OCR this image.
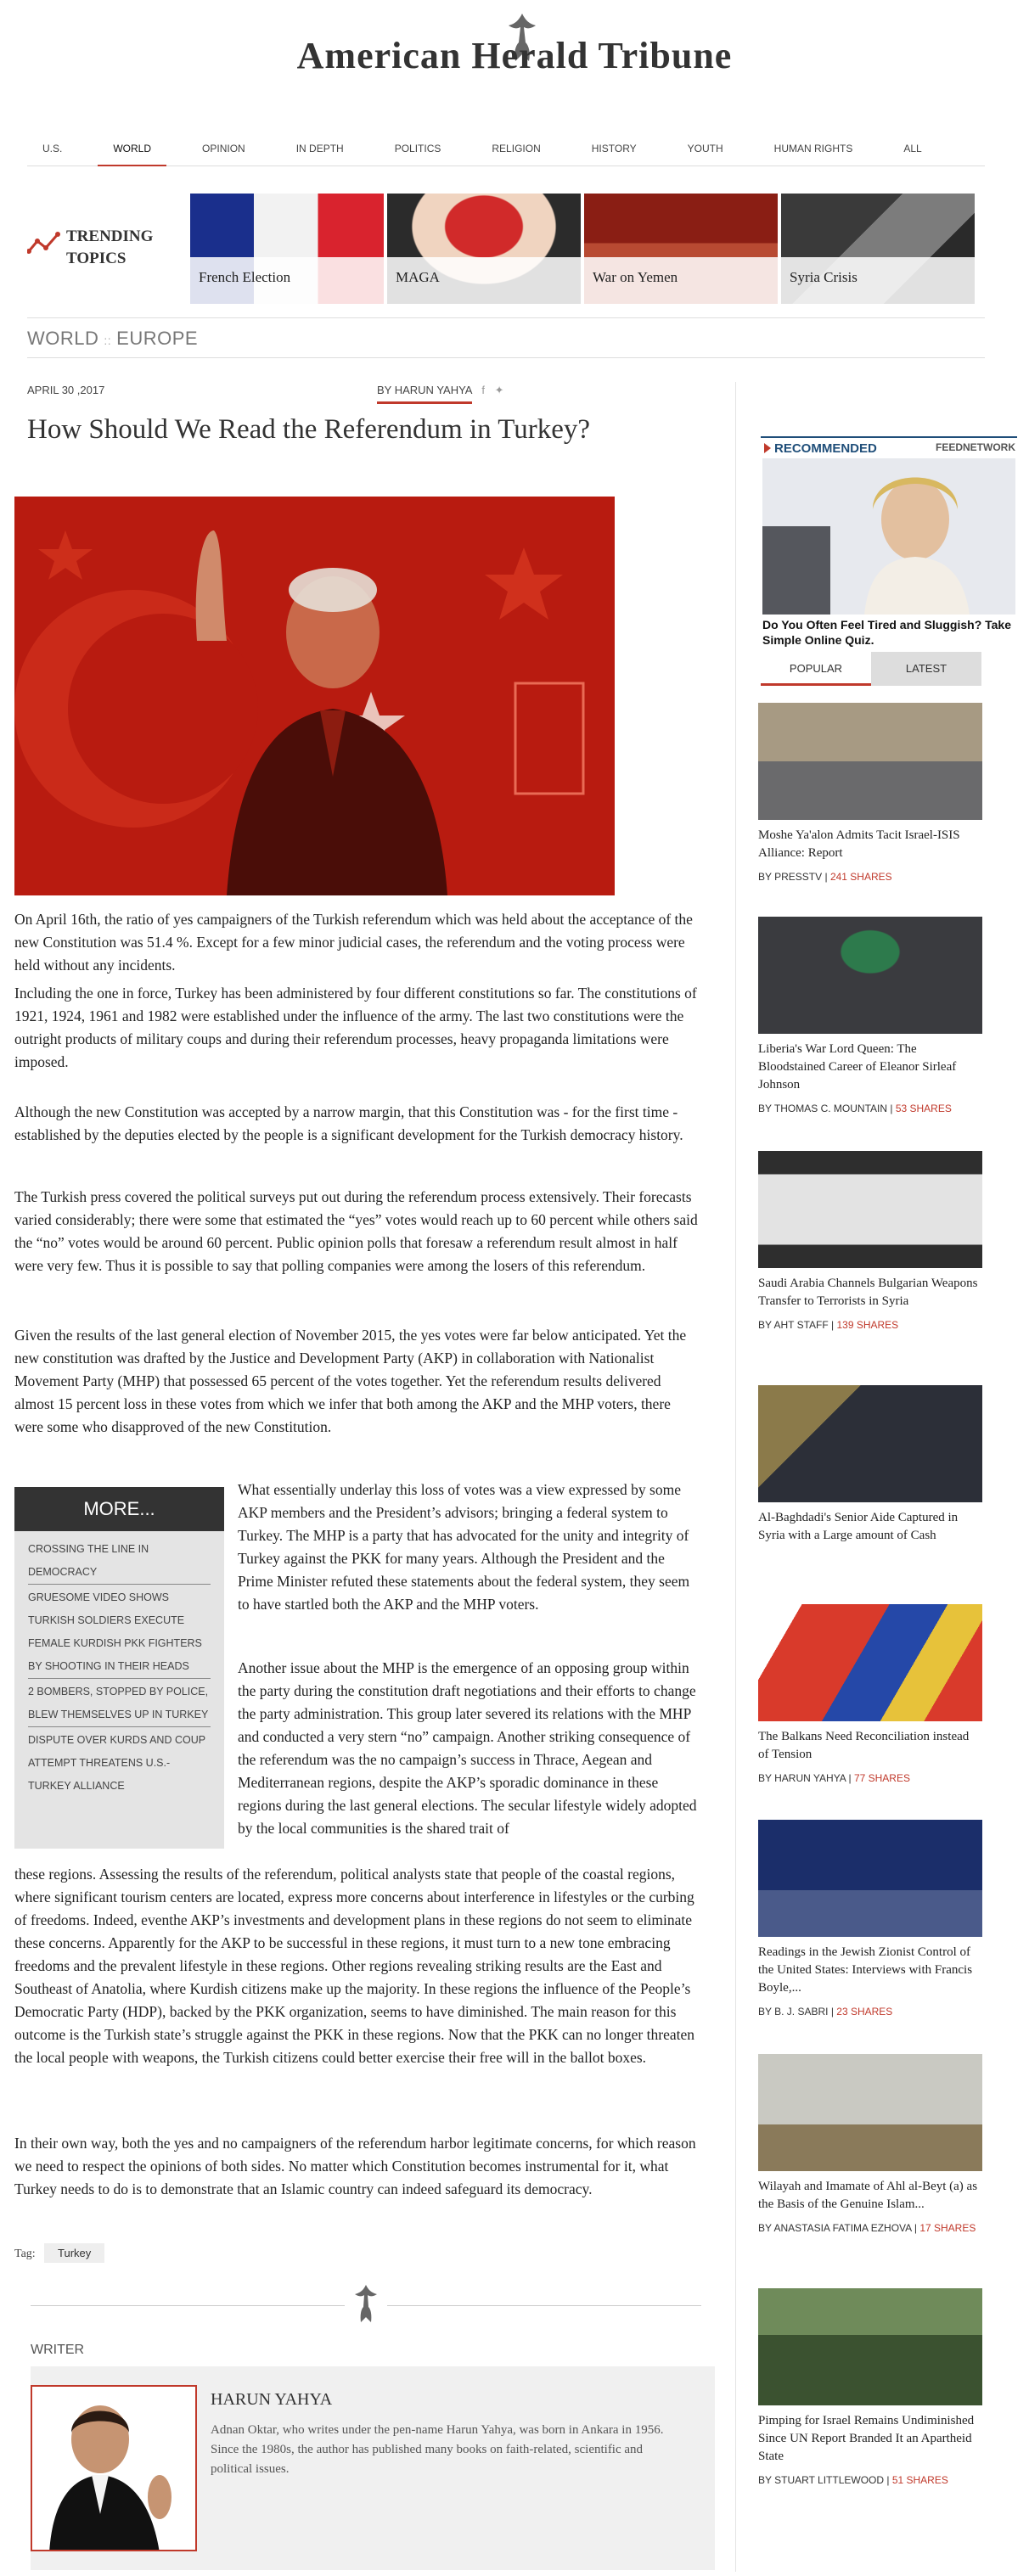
American Herald Tribune
U.S.	WORLD	OPINION	IN DEPTH	POLITICS	RELIGION	HISTORY	YOUTH	HUMAN RIGHTS	ALL
TRENDING TOPICS
French Election	MAGA	War on Yemen	Syria Crisis
WORLD :: EUROPE
APRIL 30 ,2017	BY HARUN YAHYA f ✦
How Should We Read the Referendum in Turkey?

On April 16th, the ratio of yes campaigners of the Turkish referendum which was held about the acceptance of the new Constitution was 51.4 %. Except for a few minor judicial cases, the referendum and the voting process were held without any incidents.

Including the one in force, Turkey has been administered by four different constitutions so far. The constitutions of 1921, 1924, 1961 and 1982 were established under the influence of the army. The last two constitutions were the outright products of military coups and during their referendum processes, heavy propaganda limitations were imposed.

Although the new Constitution was accepted by a narrow margin, that this Constitution was - for the first time - established by the deputies elected by the people is a significant development for the Turkish democracy history.

The Turkish press covered the political surveys put out during the referendum process extensively. Their forecasts varied considerably; there were some that estimated the “yes” votes would reach up to 60 percent while others said the “no” votes would be around 60 percent. Public opinion polls that foresaw a referendum result almost in half were very few. Thus it is possible to say that polling companies were among the losers of this referendum.

Given the results of the last general election of November 2015, the yes votes were far below anticipated. Yet the new constitution was drafted by the Justice and Development Party (AKP) in collaboration with Nationalist Movement Party (MHP) that possessed 65 percent of the votes together. Yet the referendum results delivered almost 15 percent loss in these votes from which we infer that both among the AKP and the MHP voters, there were some who disapproved of the new Constitution.

MORE...
CROSSING THE LINE IN DEMOCRACY
GRUESOME VIDEO SHOWS TURKISH SOLDIERS EXECUTE FEMALE KURDISH PKK FIGHTERS BY SHOOTING IN THEIR HEADS
2 BOMBERS, STOPPED BY POLICE, BLEW THEMSELVES UP IN TURKEY
DISPUTE OVER KURDS AND COUP ATTEMPT THREATENS U.S.-TURKEY ALLIANCE

What essentially underlay this loss of votes was a view expressed by some AKP members and the President’s advisors; bringing a federal system to Turkey. The MHP is a party that has advocated for the unity and integrity of Turkey against the PKK for many years. Although the President and the Prime Minister refuted these statements about the federal system, they seem to have startled both the AKP and the MHP voters.

Another issue about the MHP is the emergence of an opposing group within the party during the constitution draft negotiations and their efforts to change the party administration. This group later severed its relations with the MHP and conducted a very stern “no” campaign. Another striking consequence of the referendum was the no campaign’s success in Thrace, Aegean and Mediterranean regions, despite the AKP’s sporadic dominance in these regions during the last general elections. The secular lifestyle widely adopted by the local communities is the shared trait of

these regions. Assessing the results of the referendum, political analysts state that people of the coastal regions, where significant tourism centers are located, express more concerns about interference in lifestyles or the curbing of freedoms. Indeed, eventhe AKP’s investments and development plans in these regions do not seem to eliminate these concerns. Apparently for the AKP to be successful in these regions, it must turn to a new tone embracing freedoms and the prevalent lifestyle in these regions. Other regions revealing striking results are the East and Southeast of Anatolia, where Kurdish citizens make up the majority. In these regions the influence of the People’s Democratic Party (HDP), backed by the PKK organization, seems to have diminished. The main reason for this outcome is the Turkish state’s struggle against the PKK in these regions. Now that the PKK can no longer threaten the local people with weapons, the Turkish citizens could better exercise their free will in the ballot boxes.

In their own way, both the yes and no campaigners of the referendum harbor legitimate concerns, for which reason we need to respect the opinions of both sides. No matter which Constitution becomes instrumental for it, what Turkey needs to do is to demonstrate that an Islamic country can indeed safeguard its democracy.

Tag:	Turkey
WRITER
HARUN YAHYA
Adnan Oktar, who writes under the pen-name Harun Yahya, was born in Ankara in 1956. Since the 1980s, the author has published many books on faith-related, scientific and political issues.
RECOMMENDED	FEEDNETWORK
Do You Often Feel Tired and Sluggish? Take Simple Online Quiz.
POPULAR	LATEST
Moshe Ya'alon Admits Tacit Israel-ISIS Alliance: Report
BY PRESSTV | 241 SHARES
Liberia's War Lord Queen: The Bloodstained Career of Eleanor Sirleaf Johnson
BY THOMAS C. MOUNTAIN | 53 SHARES
Saudi Arabia Channels Bulgarian Weapons Transfer to Terrorists in Syria
BY AHT STAFF | 139 SHARES
Al-Baghdadi's Senior Aide Captured in Syria with a Large amount of Cash
The Balkans Need Reconciliation instead of Tension
BY HARUN YAHYA | 77 SHARES
Readings in the Jewish Zionist Control of the United States: Interviews with Francis Boyle,...
BY B. J. SABRI | 23 SHARES
Wilayah and Imamate of Ahl al-Beyt (a) as the Basis of the Genuine Islam...
BY ANASTASIA FATIMA EZHOVA | 17 SHARES
Pimping for Israel Remains Undiminished Since UN Report Branded It an Apartheid State
BY STUART LITTLEWOOD | 51 SHARES
